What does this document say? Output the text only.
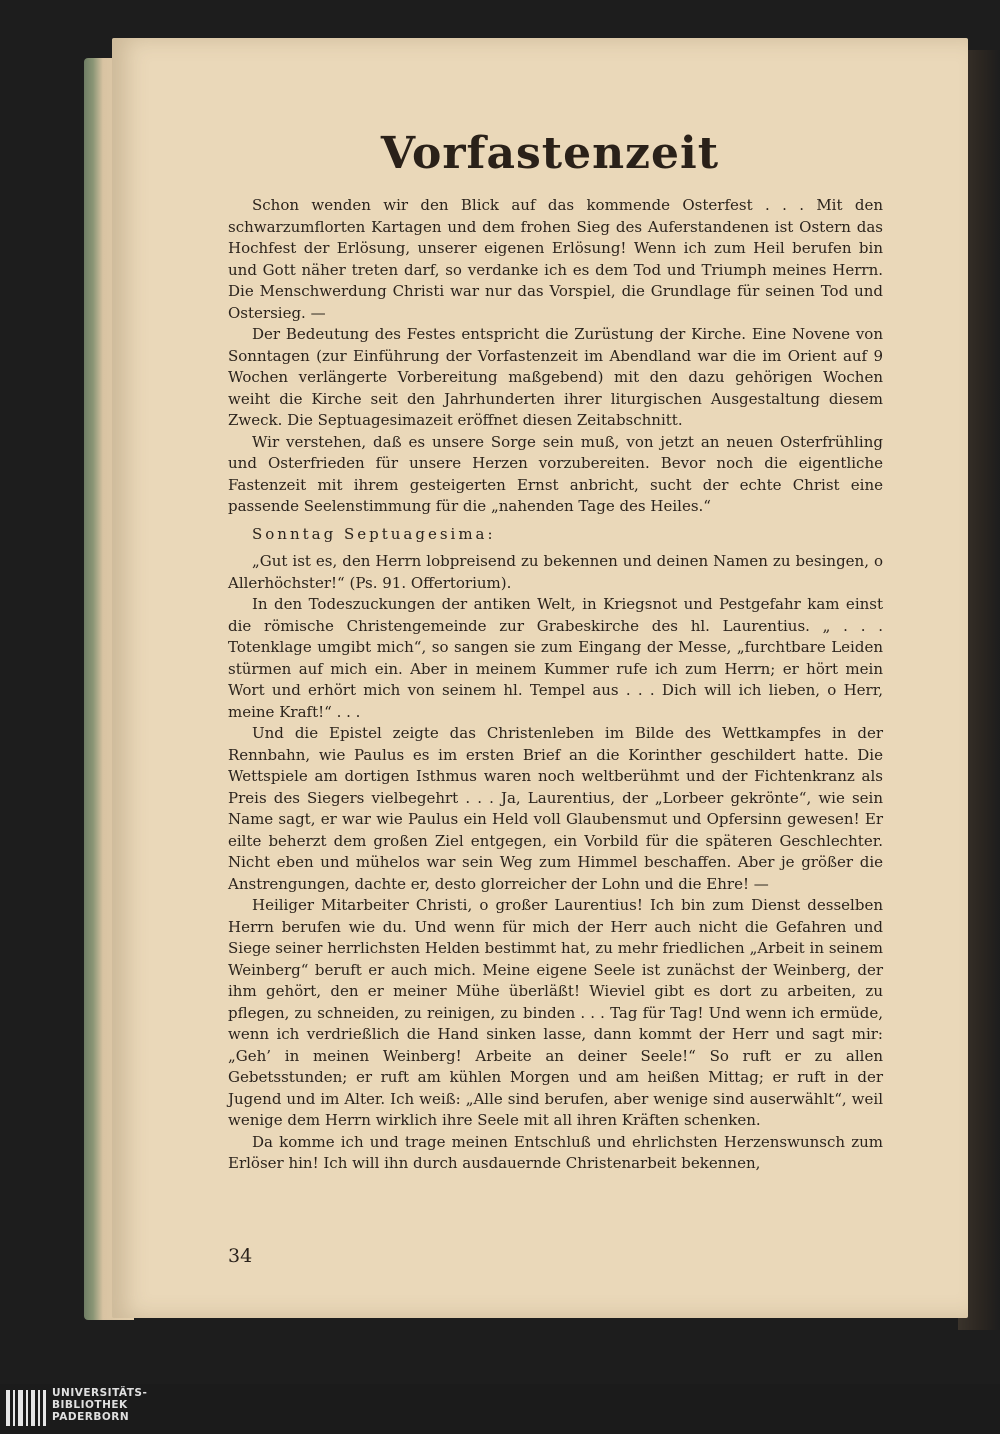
Vorfastenzeit

Schon wenden wir den Blick auf das kommende Osterfest . . . Mit den schwarzumflorten Kartagen und dem frohen Sieg des Auferstandenen ist Ostern das Hochfest der Erlösung, unserer eigenen Erlösung! Wenn ich zum Heil berufen bin und Gott näher treten darf, so verdanke ich es dem Tod und Triumph meines Herrn. Die Menschwerdung Christi war nur das Vorspiel, die Grundlage für seinen Tod und Ostersieg. —

Der Bedeutung des Festes entspricht die Zurüstung der Kirche. Eine Novene von Sonntagen (zur Einführung der Vorfastenzeit im Abendland war die im Orient auf 9 Wochen verlängerte Vorbereitung maßgebend) mit den dazu gehörigen Wochen weiht die Kirche seit den Jahrhunderten ihrer liturgischen Ausgestaltung diesem Zweck. Die Septuagesimazeit eröffnet diesen Zeitabschnitt.

Wir verstehen, daß es unsere Sorge sein muß, von jetzt an neuen Osterfrühling und Osterfrieden für unsere Herzen vorzubereiten. Bevor noch die eigentliche Fastenzeit mit ihrem gesteigerten Ernst anbricht, sucht der echte Christ eine passende Seelenstimmung für die „nahenden Tage des Heiles.“

Sonntag Septuagesima:

„Gut ist es, den Herrn lobpreisend zu bekennen und deinen Namen zu besingen, o Allerhöchster!“ (Ps. 91. Offertorium).

In den Todeszuckungen der antiken Welt, in Kriegsnot und Pestgefahr kam einst die römische Christengemeinde zur Grabeskirche des hl. Laurentius. „ . . . Totenklage umgibt mich“, so sangen sie zum Eingang der Messe, „furchtbare Leiden stürmen auf mich ein. Aber in meinem Kummer rufe ich zum Herrn; er hört mein Wort und erhört mich von seinem hl. Tempel aus . . . Dich will ich lieben, o Herr, meine Kraft!“ . . .

Und die Epistel zeigte das Christenleben im Bilde des Wettkampfes in der Rennbahn, wie Paulus es im ersten Brief an die Korinther geschildert hatte. Die Wettspiele am dortigen Isthmus waren noch weltberühmt und der Fichtenkranz als Preis des Siegers vielbegehrt . . . Ja, Laurentius, der „Lorbeer gekrönte“, wie sein Name sagt, er war wie Paulus ein Held voll Glaubensmut und Opfersinn gewesen! Er eilte beherzt dem großen Ziel entgegen, ein Vorbild für die späteren Geschlechter. Nicht eben und mühelos war sein Weg zum Himmel beschaffen. Aber je größer die Anstrengungen, dachte er, desto glorreicher der Lohn und die Ehre! —

Heiliger Mitarbeiter Christi, o großer Laurentius! Ich bin zum Dienst desselben Herrn berufen wie du. Und wenn für mich der Herr auch nicht die Gefahren und Siege seiner herrlichsten Helden bestimmt hat, zu mehr friedlichen „Arbeit in seinem Weinberg“ beruft er auch mich. Meine eigene Seele ist zunächst der Weinberg, der ihm gehört, den er meiner Mühe überläßt! Wieviel gibt es dort zu arbeiten, zu pflegen, zu schneiden, zu reinigen, zu binden . . . Tag für Tag! Und wenn ich ermüde, wenn ich verdrießlich die Hand sinken lasse, dann kommt der Herr und sagt mir: „Geh’ in meinen Weinberg! Arbeite an deiner Seele!“ So ruft er zu allen Gebetsstunden; er ruft am kühlen Morgen und am heißen Mittag; er ruft in der Jugend und im Alter. Ich weiß: „Alle sind berufen, aber wenige sind auserwählt“, weil wenige dem Herrn wirklich ihre Seele mit all ihren Kräften schenken.

Da komme ich und trage meinen Entschluß und ehrlichsten Herzenswunsch zum Erlöser hin! Ich will ihn durch ausdauernde Christenarbeit bekennen,

34
UNIVERSITÄTS-
BIBLIOTHEK
PADERBORN
